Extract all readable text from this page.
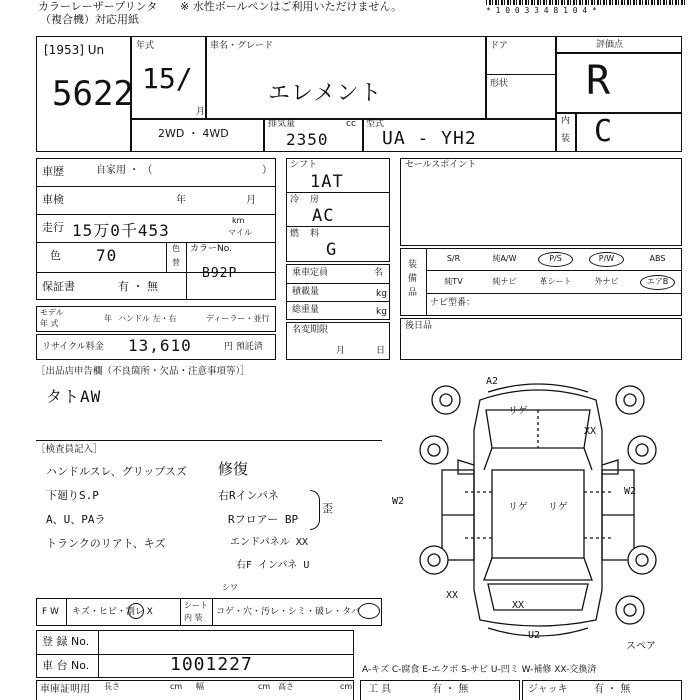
カラーレーザープリンタ
（複合機）対応用紙
※ 水性ボールペンはご利用いただけません。	* 1 0 0 3 3 4 8 1 0 4 *
[1953] Un
5622
年式
15/
月
車名・グレード
エレメント
ドア
形状
2WD ・ 4WD
排気量	cc
2350
型式
UA - YH2
評価点
R
内
装 C
車歴	自家用 ・ （	）
車検	年	月
走行 15万0千453
km
マイル
色 70	色
替
カラーNo.
B92P
保証書	有 ・ 無
モデル
年 式
年 ハンドル 左・右	ディーラー・並行
リサイクル料金 13,610	円 預託済
シフト
1AT
冷 房
AC
燃 料
G
乗車定員	名
積載量	kg
総重量	kg
名変期限
月	日
セールスポイント
装備品
S/R	純A/W	P/S	P/W	ABS
純TV	純ナビ	革シート	外ナビ	エアB
ナビ型番：
後日品
［出品店申告欄（不良箇所・欠品・注意事項等）］
タトAW
［検査員記入］
ハンドルスレ、グリップスズ
下廻りS.P
A、U、PAラ
トランクのリアト、キズ
修復
右Rインパネ
Rフロアー BP
エンドパネル XX
右F インパネ U
歪
シワ
F W キズ・ヒビ・割レ X
シート
内 装
コゲ・穴・汚レ・シミ・破レ・タバ
登 録 No.
車 台 No.	1001227
車庫証明用 長さ	cm 幅	cm 高さ	cm
A2
リゲ
XX
W2
リゲ リゲ
W2
XX
XX
U2
スペア
A-キズ C-腐食 E-エクボ S-サビ U-凹ミ W-補修 XX-交換済
工 具	有 ・ 無	ジャッキ	有 ・ 無
